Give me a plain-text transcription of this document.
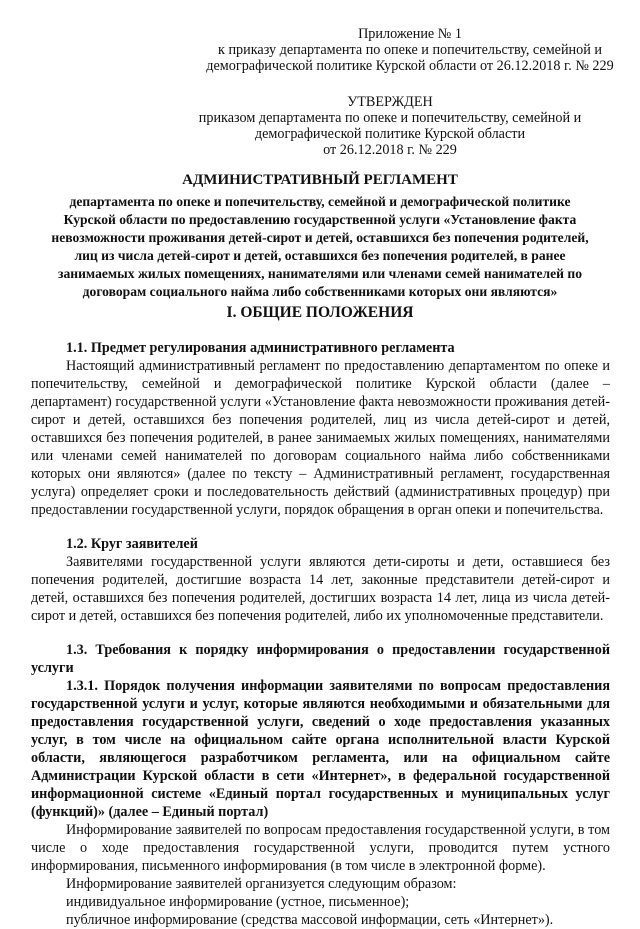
Приложение № 1
к приказу департамента по опеке и попечительству, семейной и
демографической политике Курской области от 26.12.2018 г. № 229
УТВЕРЖДЕН
приказом департамента по опеке и попечительству, семейной и
демографической политике Курской области
от 26.12.2018 г. № 229
АДМИНИСТРАТИВНЫЙ РЕГЛАМЕНТ
департамента по опеке и попечительству, семейной и демографической политике
Курской области по предоставлению государственной услуги «Установление факта
невозможности проживания детей-сирот и детей, оставшихся без попечения родителей,
лиц из числа детей-сирот и детей, оставшихся без попечения родителей, в ранее
занимаемых жилых помещениях, нанимателями или членами семей нанимателей по
договорам социального найма либо собственниками которых они являются»
I. ОБЩИЕ ПОЛОЖЕНИЯ

1.1. Предмет регулирования административного регламента

Настоящий административный регламент по предоставлению департаментом по опеке и попечительству, семейной и демографической политике Курской области (далее – департамент) государственной услуги «Установление факта невозможности проживания детей-сирот и детей, оставшихся без попечения родителей, лиц из числа детей-сирот и детей, оставшихся без попечения родителей, в ранее занимаемых жилых помещениях, нанимателями или членами семей нанимателей по договорам социального найма либо собственниками которых они являются» (далее по тексту – Административный регламент, государственная услуга) определяет сроки и последовательность действий (административных процедур) при предоставлении государственной услуги, порядок обращения в орган опеки и попечительства.

1.2. Круг заявителей

Заявителями государственной услуги являются дети-сироты и дети, оставшиеся без попечения родителей, достигшие возраста 14 лет, законные представители детей-сирот и детей, оставшихся без попечения родителей, достигших возраста 14 лет, лица из числа детей-сирот и детей, оставшихся без попечения родителей, либо их уполномоченные представители.

1.3. Требования к порядку информирования о предоставлении государственной услуги

1.3.1. Порядок получения информации заявителями по вопросам предоставления государственной услуги и услуг, которые являются необходимыми и обязательными для предоставления государственной услуги, сведений о ходе предоставления указанных услуг, в том числе на официальном сайте органа исполнительной власти Курской области, являющегося разработчиком регламента, или на официальном сайте Администрации Курской области в сети «Интернет», в федеральной государственной информационной системе «Единый портал государственных и муниципальных услуг (функций)» (далее – Единый портал)

Информирование заявителей по вопросам предоставления государственной услуги, в том числе о ходе предоставления государственной услуги, проводится путем устного информирования, письменного информирования (в том числе в электронной форме).

Информирование заявителей организуется следующим образом:

индивидуальное информирование (устное, письменное);

публичное информирование (средства массовой информации, сеть «Интернет»).
